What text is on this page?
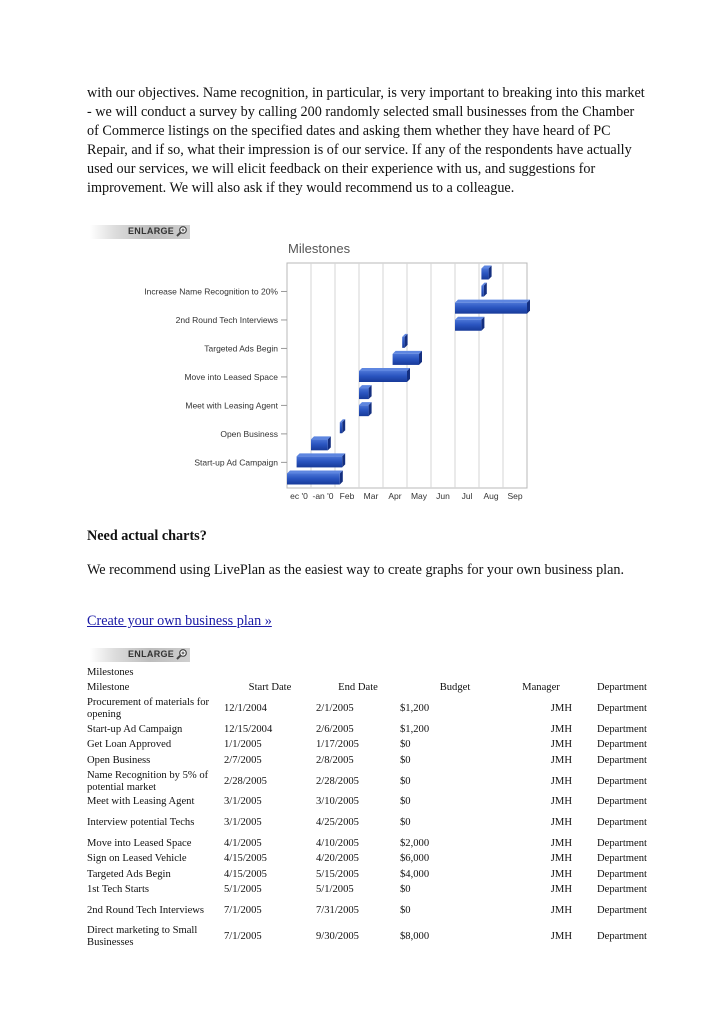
with our objectives. Name recognition, in particular, is very important to breaking into this market - we will conduct a survey by calling 200 randomly selected small businesses from the Chamber of Commerce listings on the specified dates and asking them whether they have heard of PC Repair, and if so, what their impression is of our service. If any of the respondents have actually used our services, we will elicit feedback on their experience with us, and suggestions for improvement. We will also ask if they would recommend us to a colleague.
ENLARGE
Milestones
ec '0 -an '0 Feb Mar Apr May Jun Jul Aug Sep
Increase Name Recognition to 20%
2nd Round Tech Interviews
Targeted Ads Begin
Move into Leased Space
Meet with Leasing Agent
Open Business
Start-up Ad Campaign
Need actual charts?
We recommend using LivePlan as the easiest way to create graphs for your own business plan.
Create your own business plan »
ENLARGE
Milestones					
Milestone	Start Date	End Date	Budget	Manager	Department
Procurement of materials for opening	12/1/2004	2/1/2005	$1,200	JMH	Department
Start-up Ad Campaign	12/15/2004	2/6/2005	$1,200	JMH	Department
Get Loan Approved	1/1/2005	1/17/2005	$0	JMH	Department
Open Business	2/7/2005	2/8/2005	$0	JMH	Department
Name Recognition by 5% of potential market	2/28/2005	2/28/2005	$0	JMH	Department
Meet with Leasing Agent	3/1/2005	3/10/2005	$0	JMH	Department
Interview potential Techs	3/1/2005	4/25/2005	$0	JMH	Department
Move into Leased Space	4/1/2005	4/10/2005	$2,000	JMH	Department
Sign on Leased Vehicle	4/15/2005	4/20/2005	$6,000	JMH	Department
Targeted Ads Begin	4/15/2005	5/15/2005	$4,000	JMH	Department
1st Tech Starts	5/1/2005	5/1/2005	$0	JMH	Department
2nd Round Tech Interviews	7/1/2005	7/31/2005	$0	JMH	Department
Direct marketing to Small Businesses	7/1/2005	9/30/2005	$8,000	JMH	Department
